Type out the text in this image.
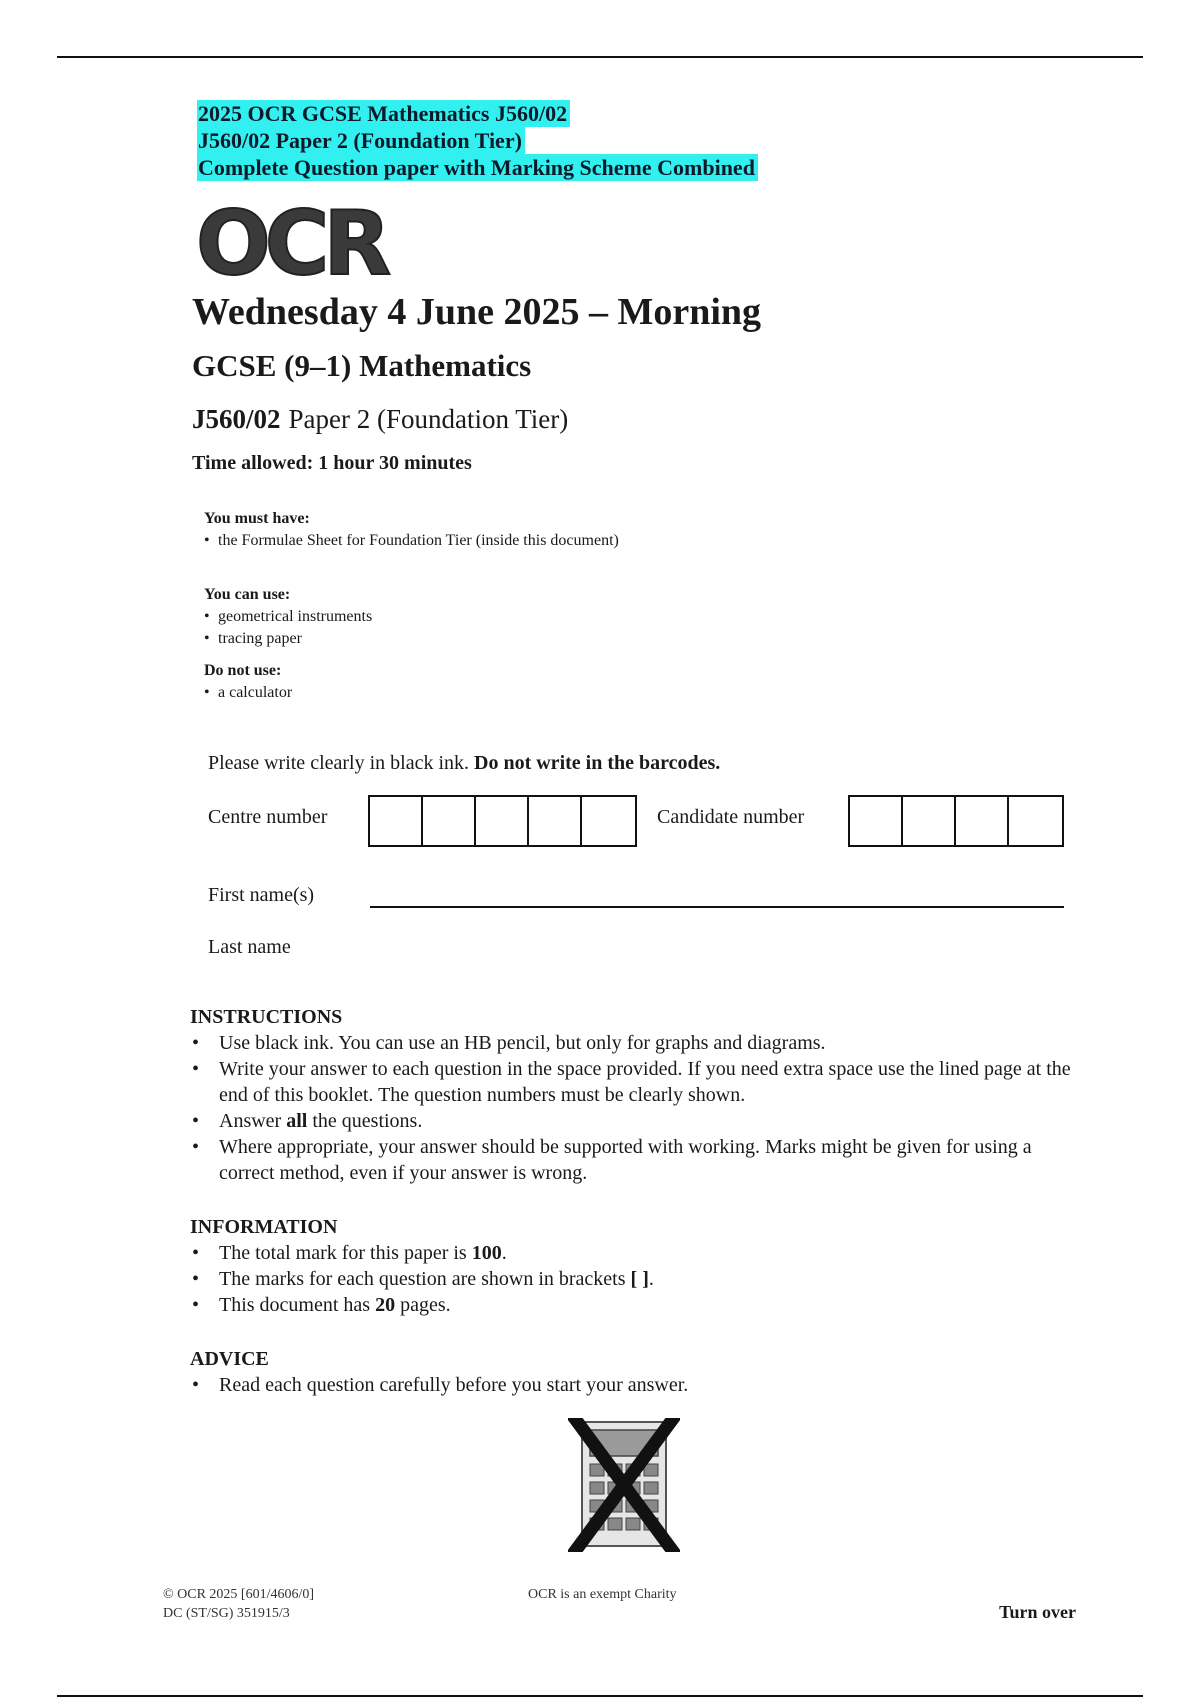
2025 OCR GCSE Mathematics J560/02
J560/02 Paper 2 (Foundation Tier)
Complete Question paper with Marking Scheme Combined
OCR
Wednesday 4 June 2025 – Morning
GCSE (9–1) Mathematics
J560/02 Paper 2 (Foundation Tier)
Time allowed: 1 hour 30 minutes
You must have:
• the Formulae Sheet for Foundation Tier (inside this document)
You can use:
• geometrical instruments
• tracing paper
Do not use:
• a calculator
Please write clearly in black ink. Do not write in the barcodes.
Centre number	Candidate number
First name(s)
Last name
INSTRUCTIONS
• Use black ink. You can use an HB pencil, but only for graphs and diagrams.
• Write your answer to each question in the space provided. If you need extra space use the lined page at the end of this booklet. The question numbers must be clearly shown.
• Answer all the questions.
• Where appropriate, your answer should be supported with working. Marks might be given for using a correct method, even if your answer is wrong.
INFORMATION
• The total mark for this paper is 100.
• The marks for each question are shown in brackets [ ].
• This document has 20 pages.
ADVICE
• Read each question carefully before you start your answer.
© OCR 2025 [601/4606/0]
DC (ST/SG) 351915/3
OCR is an exempt Charity
Turn over
